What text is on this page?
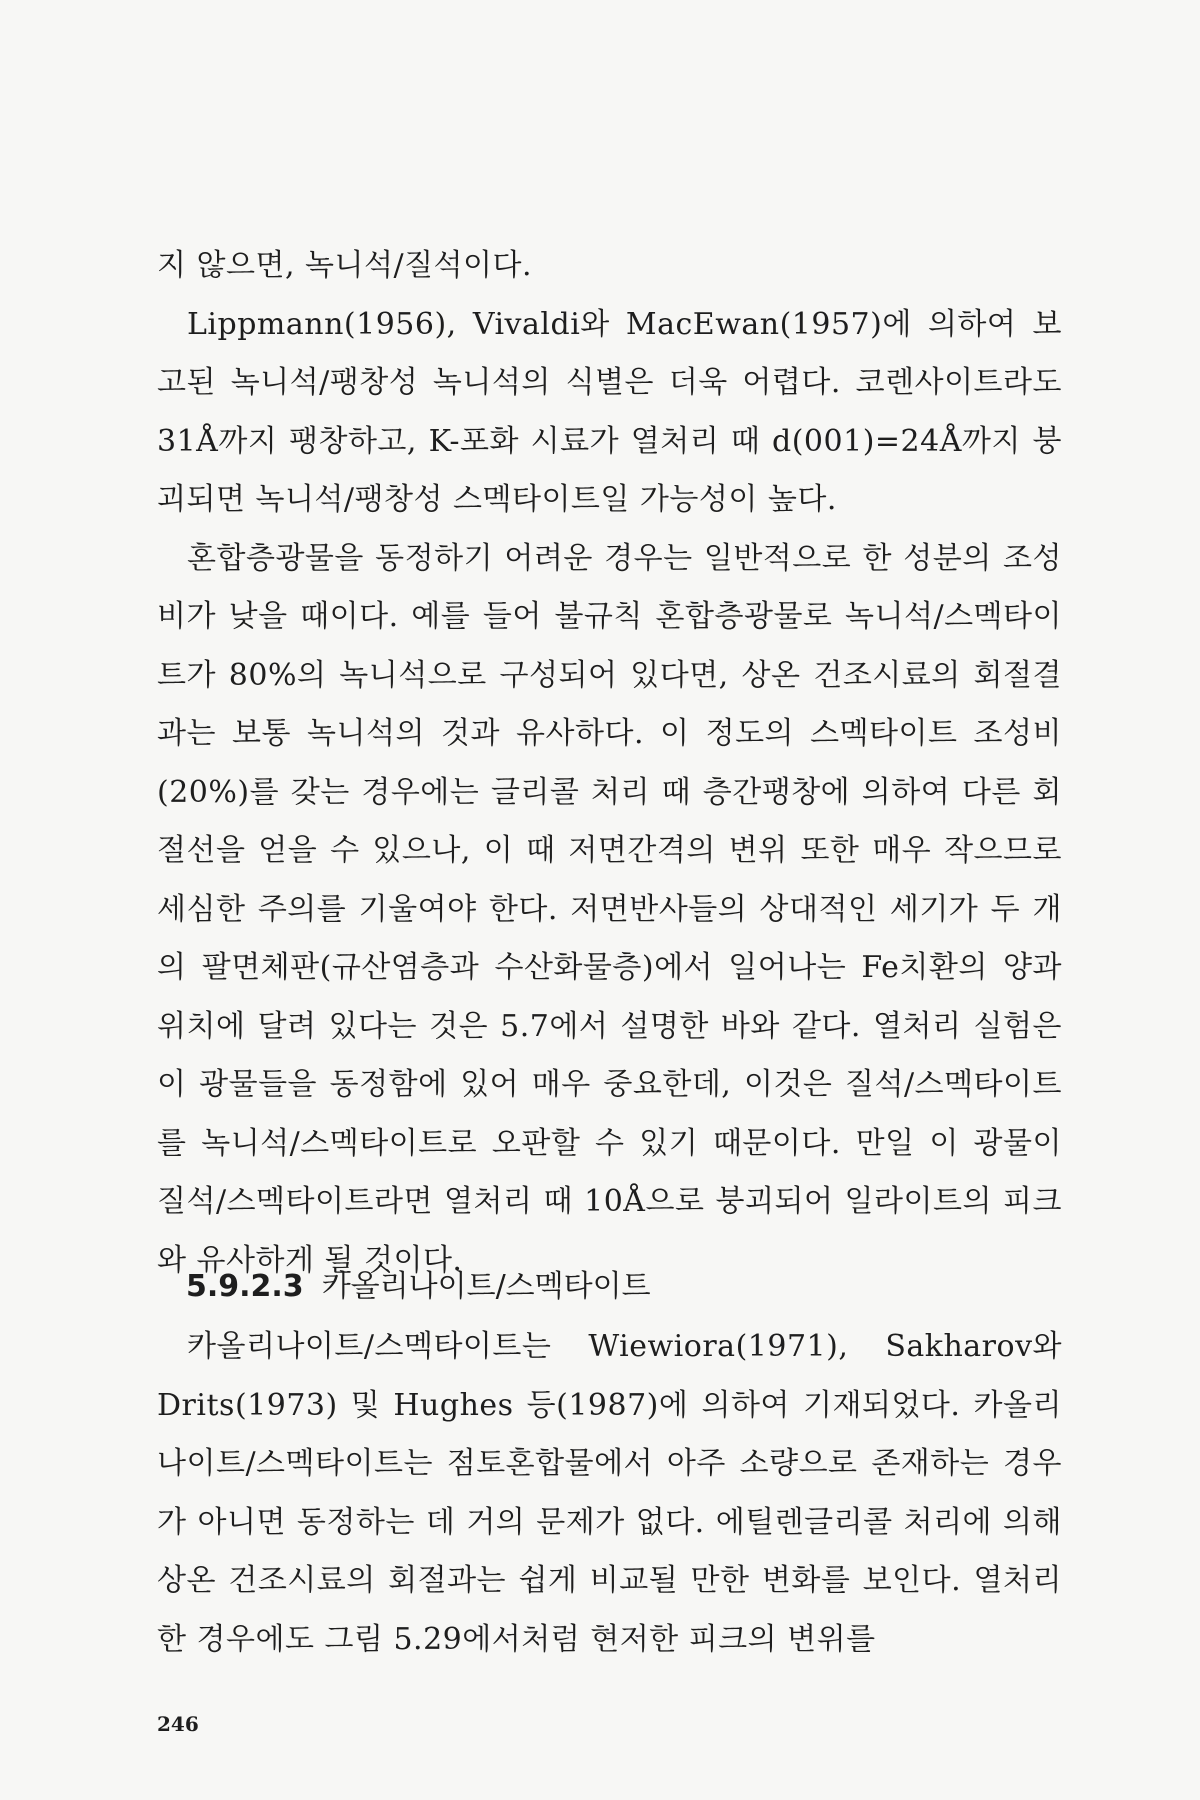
지 않으면, 녹니석/질석이다.

Lippmann(1956), Vivaldi와 MacEwan(1957)에 의하여 보고된 녹니석/팽창성 녹니석의 식별은 더욱 어렵다. 코렌사이트라도 31Å까지 팽창하고, K-포화 시료가 열처리 때 d(001)=24Å까지 붕괴되면 녹니석/팽창성 스멕타이트일 가능성이 높다.

혼합층광물을 동정하기 어려운 경우는 일반적으로 한 성분의 조성비가 낮을 때이다. 예를 들어 불규칙 혼합층광물로 녹니석/스멕타이트가 80%의 녹니석으로 구성되어 있다면, 상온 건조시료의 회절결과는 보통 녹니석의 것과 유사하다. 이 정도의 스멕타이트 조성비(20%)를 갖는 경우에는 글리콜 처리 때 층간팽창에 의하여 다른 회절선을 얻을 수 있으나, 이 때 저면간격의 변위 또한 매우 작으므로 세심한 주의를 기울여야 한다. 저면반사들의 상대적인 세기가 두 개의 팔면체판(규산염층과 수산화물층)에서 일어나는 Fe치환의 양과 위치에 달려 있다는 것은 5.7에서 설명한 바와 같다. 열처리 실험은 이 광물들을 동정함에 있어 매우 중요한데, 이것은 질석/스멕타이트를 녹니석/스멕타이트로 오판할 수 있기 때문이다. 만일 이 광물이 질석/스멕타이트라면 열처리 때 10Å으로 붕괴되어 일라이트의 피크와 유사하게 될 것이다.

5.9.2.3 카올리나이트/스멕타이트

카올리나이트/스멕타이트는 Wiewiora(1971), Sakharov와 Drits(1973) 및 Hughes 등(1987)에 의하여 기재되었다. 카올리나이트/스멕타이트는 점토혼합물에서 아주 소량으로 존재하는 경우가 아니면 동정하는 데 거의 문제가 없다. 에틸렌글리콜 처리에 의해 상온 건조시료의 회절과는 쉽게 비교될 만한 변화를 보인다. 열처리한 경우에도 그림 5.29에서처럼 현저한 피크의 변위를

246
